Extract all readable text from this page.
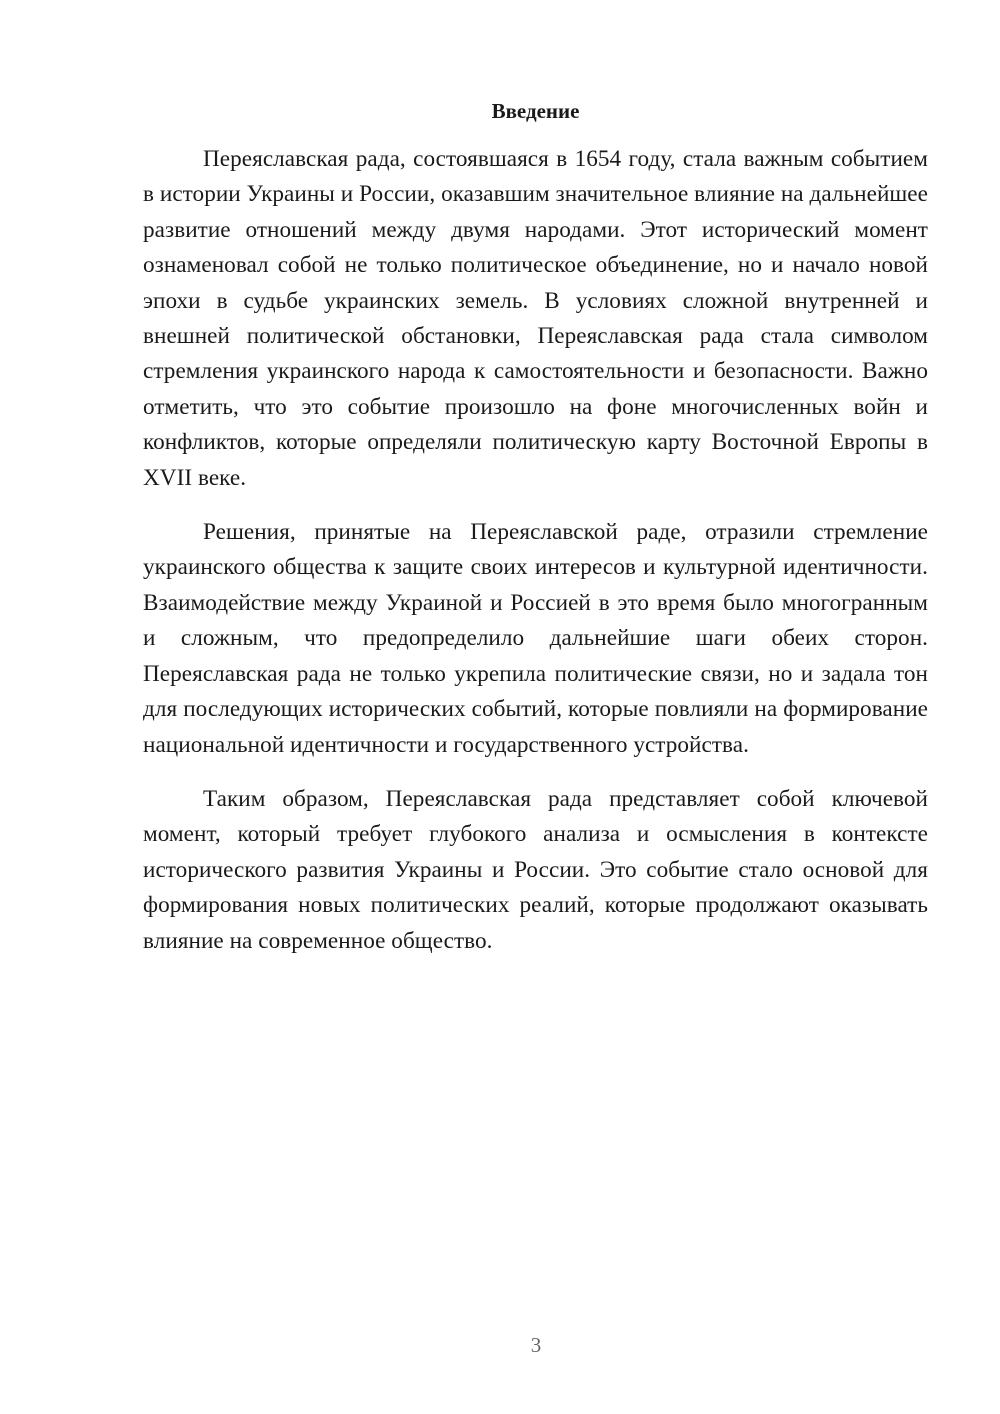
Введение

Переяславская рада, состоявшаяся в 1654 году, стала важным событием в истории Украины и России, оказавшим значительное влияние на дальнейшее развитие отношений между двумя народами. Этот исторический момент ознаменовал собой не только политическое объединение, но и начало новой эпохи в судьбе украинских земель. В условиях сложной внутренней и внешней политической обстановки, Переяславская рада стала символом стремления украинского народа к самостоятельности и безопасности. Важно отметить, что это событие произошло на фоне многочисленных войн и конфликтов, которые определяли политическую карту Восточной Европы в XVII веке.

Решения, принятые на Переяславской раде, отразили стремление украинского общества к защите своих интересов и культурной идентичности. Взаимодействие между Украиной и Россией в это время было многогранным и сложным, что предопределило дальнейшие шаги обеих сторон. Переяславская рада не только укрепила политические связи, но и задала тон для последующих исторических событий, которые повлияли на формирование национальной идентичности и государственного устройства.

Таким образом, Переяславская рада представляет собой ключевой момент, который требует глубокого анализа и осмысления в контексте исторического развития Украины и России. Это событие стало основой для формирования новых политических реалий, которые продолжают оказывать влияние на современное общество.

3
